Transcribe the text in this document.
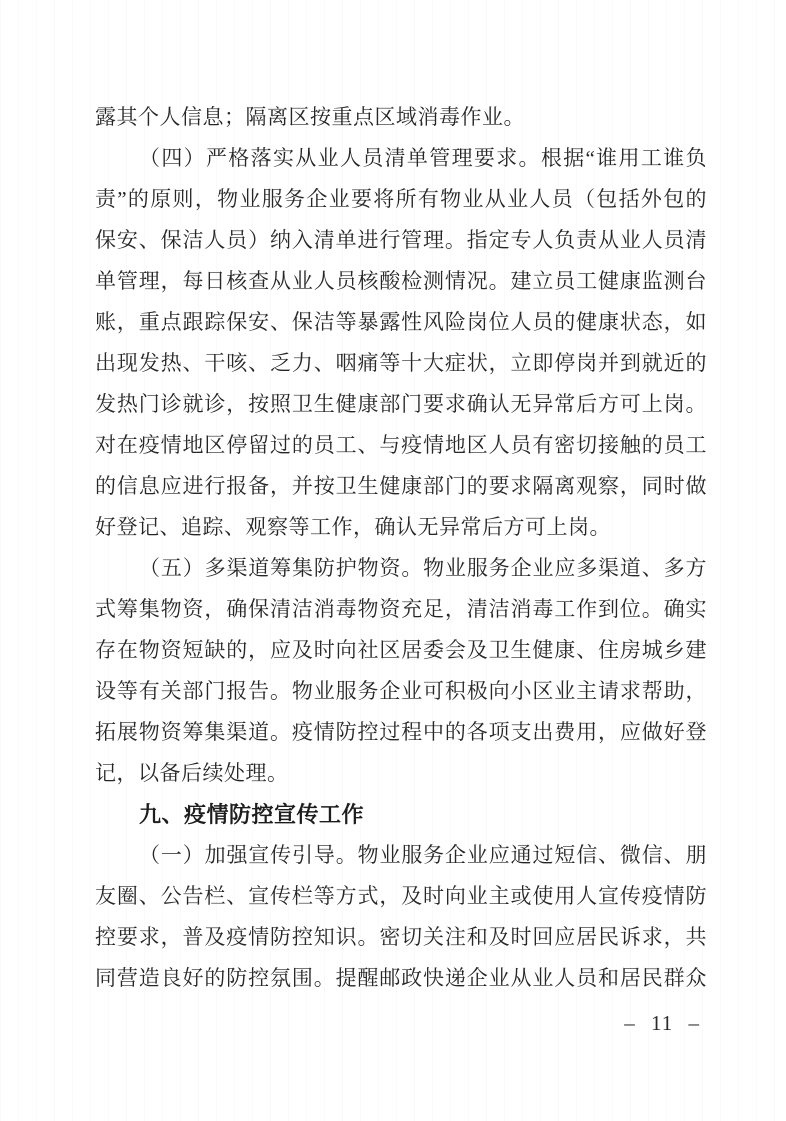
露其个人信息；隔离区按重点区域消毒作业。
（四）严格落实从业人员清单管理要求。根据“谁用工谁负
责”的原则，物业服务企业要将所有物业从业人员（包括外包的
保安、保洁人员）纳入清单进行管理。指定专人负责从业人员清
单管理，每日核查从业人员核酸检测情况。建立员工健康监测台
账，重点跟踪保安、保洁等暴露性风险岗位人员的健康状态，如
出现发热、干咳、乏力、咽痛等十大症状，立即停岗并到就近的
发热门诊就诊，按照卫生健康部门要求确认无异常后方可上岗。
对在疫情地区停留过的员工、与疫情地区人员有密切接触的员工
的信息应进行报备，并按卫生健康部门的要求隔离观察，同时做
好登记、追踪、观察等工作，确认无异常后方可上岗。
（五）多渠道筹集防护物资。物业服务企业应多渠道、多方
式筹集物资，确保清洁消毒物资充足，清洁消毒工作到位。确实
存在物资短缺的，应及时向社区居委会及卫生健康、住房城乡建
设等有关部门报告。物业服务企业可积极向小区业主请求帮助，
拓展物资筹集渠道。疫情防控过程中的各项支出费用，应做好登
记，以备后续处理。
九、疫情防控宣传工作
（一）加强宣传引导。物业服务企业应通过短信、微信、朋
友圈、公告栏、宣传栏等方式，及时向业主或使用人宣传疫情防
控要求，普及疫情防控知识。密切关注和及时回应居民诉求，共
同营造良好的防控氛围。提醒邮政快递企业从业人员和居民群众
– 11 –
